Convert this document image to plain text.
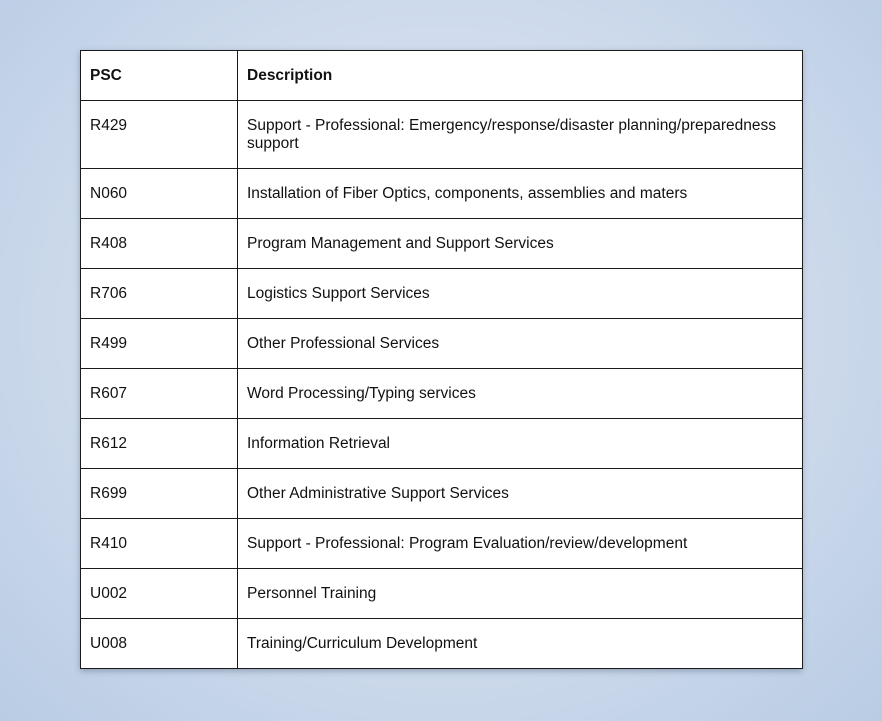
PSC	Description
R429	Support - Professional: Emergency/response/disaster planning/preparedness support
N060	Installation of Fiber Optics, components, assemblies and maters
R408	Program Management and Support Services
R706	Logistics Support Services
R499	Other Professional Services
R607	Word Processing/Typing services
R612	Information Retrieval
R699	Other Administrative Support Services
R410	Support - Professional: Program Evaluation/review/development
U002	Personnel Training
U008	Training/Curriculum Development
